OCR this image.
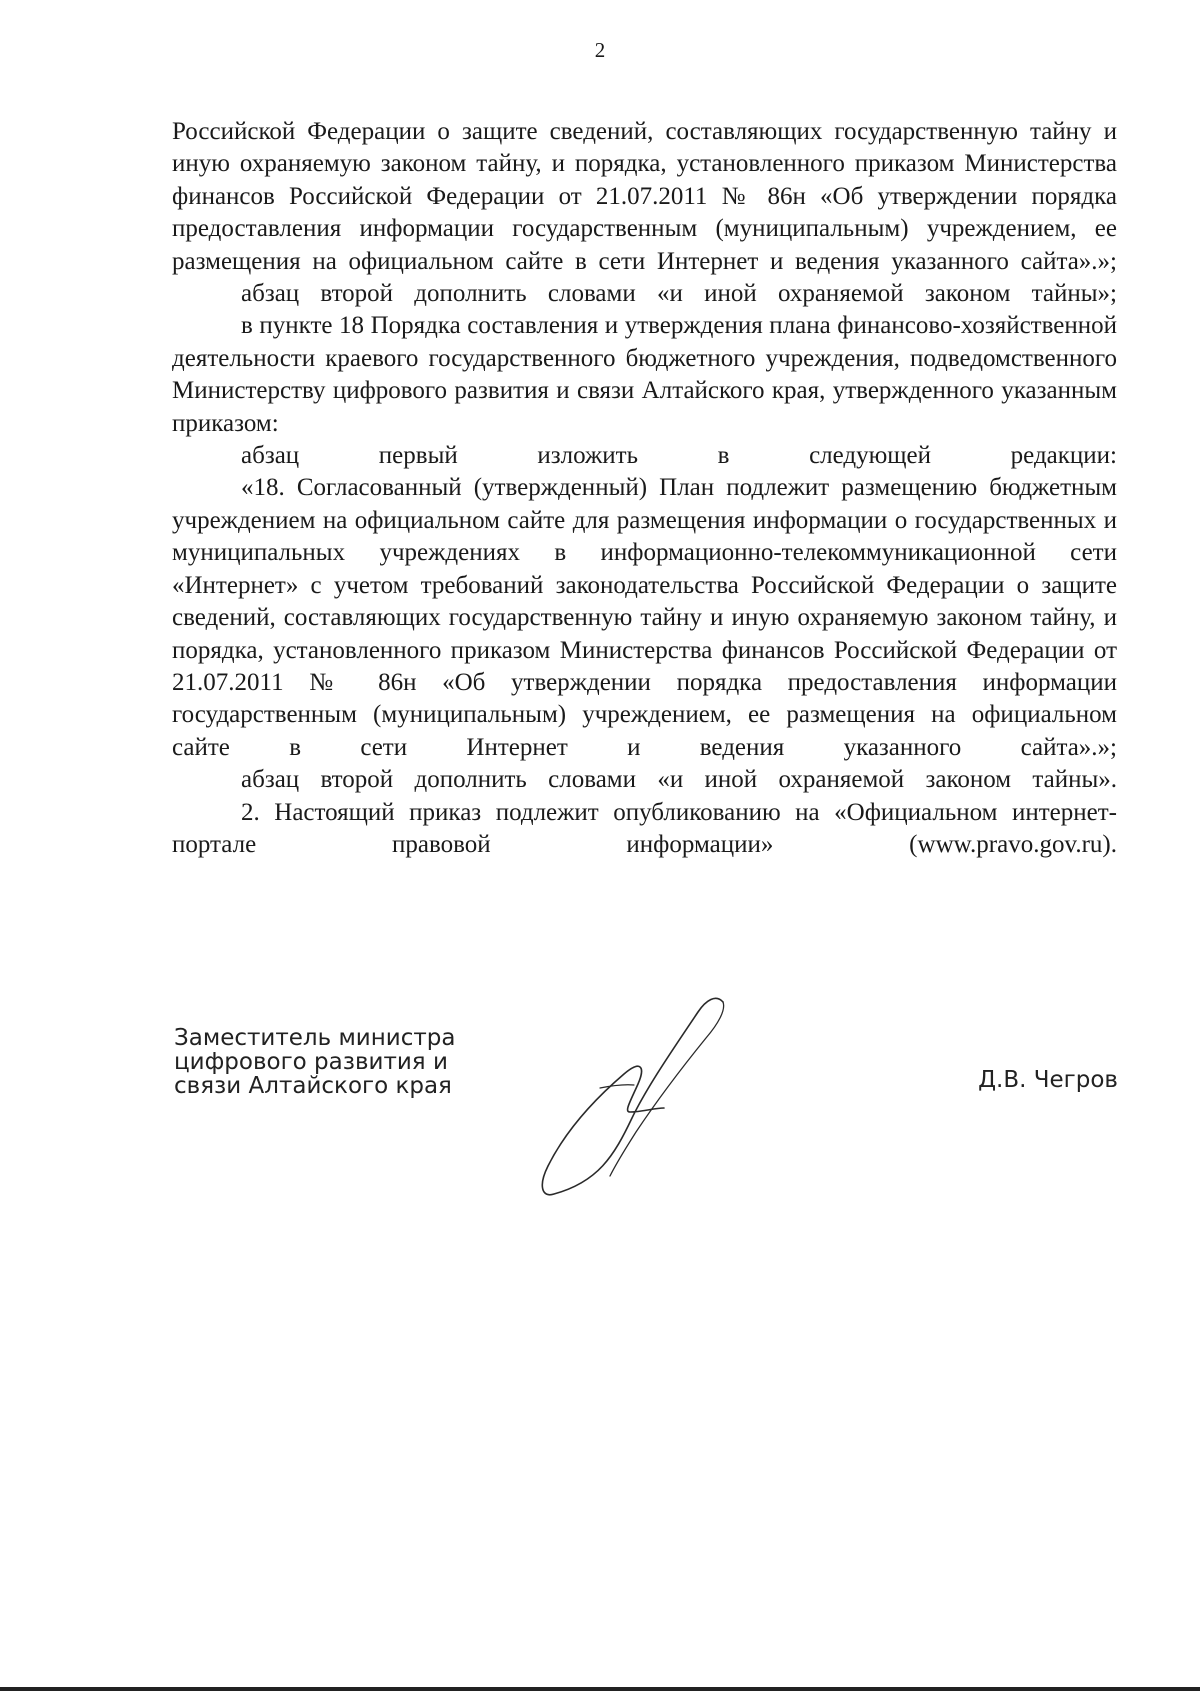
2

Российской Федерации о защите сведений, составляющих государственную тайну и иную охраняемую законом тайну, и порядка, установленного приказом Министерства финансов Российской Федерации от 21.07.2011 № 86н «Об утверждении порядка предоставления информации государственным (муниципальным) учреждением, ее размещения на официальном сайте в сети Интернет и ведения указанного сайта».»;

абзац второй дополнить словами «и иной охраняемой законом тайны»;

в пункте 18 Порядка составления и утверждения плана финансово-хозяйственной деятельности краевого государственного бюджетного учреждения, подведомственного Министерству цифрового развития и связи Алтайского края, утвержденного указанным приказом:

абзац первый изложить в следующей редакции:

«18. Согласованный (утвержденный) План подлежит размещению бюджетным учреждением на официальном сайте для размещения информации о государственных и муниципальных учреждениях в информационно-телекоммуникационной сети «Интернет» с учетом требований законодательства Российской Федерации о защите сведений, составляющих государственную тайну и иную охраняемую законом тайну, и порядка, установленного приказом Министерства финансов Российской Федерации от 21.07.2011 № 86н «Об утверждении порядка предоставления информации государственным (муниципальным) учреждением, ее размещения на официальном сайте в сети Интернет и ведения указанного сайта».»;

абзац второй дополнить словами «и иной охраняемой законом тайны».

2. Настоящий приказ подлежит опубликованию на «Официальном интернет-портале правовой информации» (www.pravo.gov.ru).

Заместитель министра
цифрового развития и
связи Алтайского края	Д.В. Чегров
